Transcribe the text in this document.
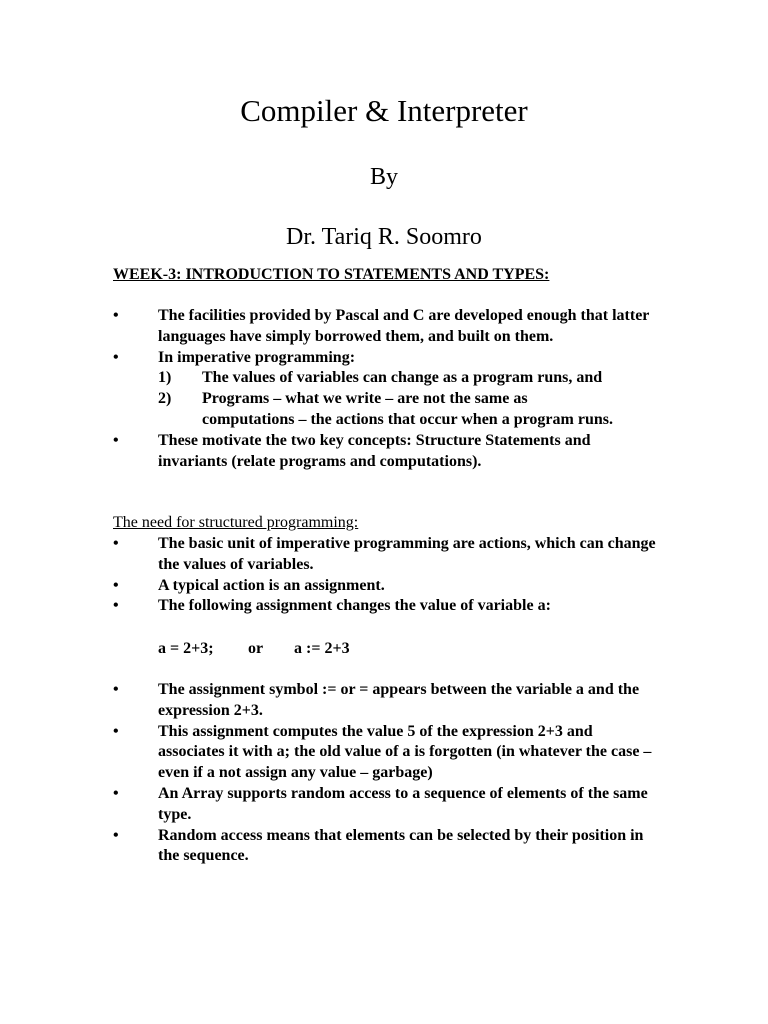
Compiler & Interpreter
By
Dr. Tariq R. Soomro
WEEK-3: INTRODUCTION TO STATEMENTS AND TYPES:
• The facilities provided by Pascal and C are developed enough that latter languages have simply borrowed them, and built on them.
• In imperative programming:
1) The values of variables can change as a program runs, and
2) Programs – what we write – are not the same as computations – the actions that occur when a program runs.
• These motivate the two key concepts: Structure Statements and invariants (relate programs and computations).
The need for structured programming:
• The basic unit of imperative programming are actions, which can change the values of variables.
• A typical action is an assignment.
• The following assignment changes the value of variable a:
a = 2+3; or a := 2+3
• The assignment symbol := or = appears between the variable a and the expression 2+3.
• This assignment computes the value 5 of the expression 2+3 and associates it with a; the old value of a is forgotten (in whatever the case – even if a not assign any value – garbage)
• An Array supports random access to a sequence of elements of the same type.
• Random access means that elements can be selected by their position in the sequence.
